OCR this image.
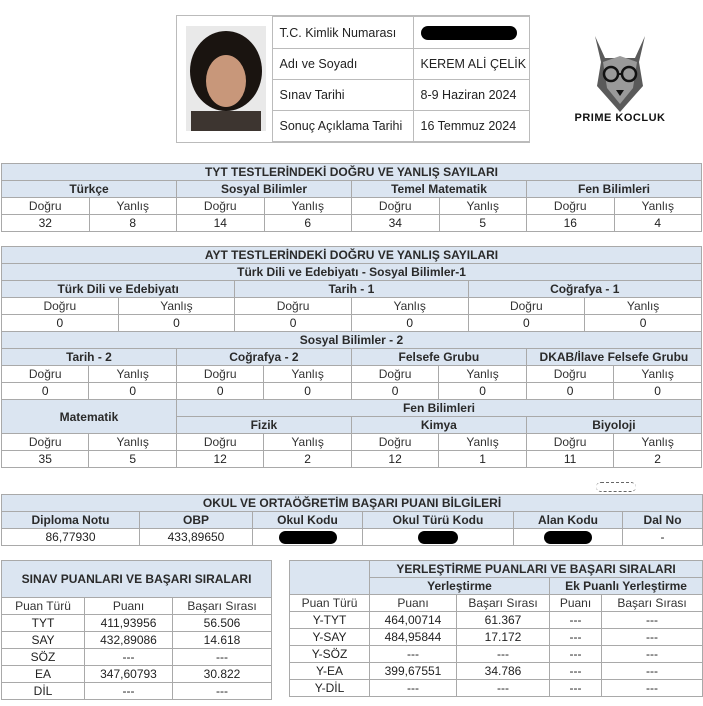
	T.C. Kimlik Numarası	
	Adı ve Soyadı	KEREM ALİ ÇELİK
	Sınav Tarihi	8-9 Haziran 2024
	Sonuç Açıklama Tarihi	16 Temmuz 2024
PRIME KOCLUK
TYT TESTLERİNDEKİ DOĞRU VE YANLIŞ SAYILARI							
Türkçe		Sosyal Bilimler		Temel Matematik		Fen Bilimleri	
Doğru	Yanlış	Doğru	Yanlış	Doğru	Yanlış	Doğru	Yanlış
32	8	14	6	34	5	16	4
AYT TESTLERİNDEKİ DOĞRU VE YANLIŞ SAYILARI											
Türk Dili ve Edebiyatı - Sosyal Bilimler-1											
Türk Dili ve Edebiyatı				Tarih - 1				Coğrafya - 1			
Doğru		Yanlış		Doğru		Yanlış		Doğru		Yanlış	
0		0		0		0		0		0	
Sosyal Bilimler - 2											
Tarih - 2			Coğrafya - 2			Felsefe Grubu			DKAB/İlave Felsefe Grubu		
Doğru	Yanlış		Doğru		Yanlış	Doğru	Yanlış		Doğru		Yanlış
0	0		0		0	0	0		0		0
Matematik			Fen Bilimleri								
			Fizik			Kimya			Biyoloji		
Doğru	Yanlış		Doğru		Yanlış	Doğru	Yanlış		Doğru		Yanlış
35	5		12		2	12	1		11		2
OKUL VE ORTAÖĞRETİM BAŞARI PUANI BİLGİLERİ					
Diploma Notu	OBP	Okul Kodu	Okul Türü Kodu	Alan Kodu	Dal No
86,77930	433,89650				-
SINAV PUANLARI VE BAŞARI SIRALARI		
Puan Türü	Puanı	Başarı Sırası
TYT	411,93956	56.506
SAY	432,89086	14.618
SÖZ	---	---
EA	347,60793	30.822
DİL	---	---
	YERLEŞTİRME PUANLARI VE BAŞARI SIRALARI			
	Yerleştirme		Ek Puanlı Yerleştirme	
Puan Türü	Puanı	Başarı Sırası	Puanı	Başarı Sırası
Y-TYT	464,00714	61.367	---	---
Y-SAY	484,95844	17.172	---	---
Y-SÖZ	---	---	---	---
Y-EA	399,67551	34.786	---	---
Y-DİL	---	---	---	---
